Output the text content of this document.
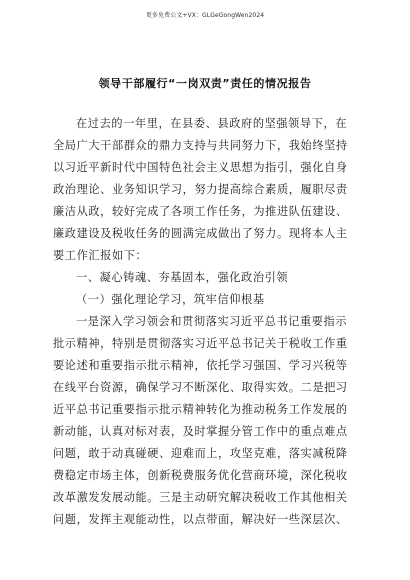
更多免费公文+VX：GLGeGongWen2024
领导干部履行“一岗双责”责任的情况报告
在过去的一年里，在县委、县政府的坚强领导下，在
全局广大干部群众的鼎力支持与共同努力下，我始终坚持
以习近平新时代中国特色社会主义思想为指引，强化自身
政治理论、业务知识学习，努力提高综合素质，履职尽责
廉洁从政，较好完成了各项工作任务，为推进队伍建设、
廉政建设及税收任务的圆满完成做出了努力。现将本人主
要工作汇报如下：
一、凝心铸魂、夯基固本，强化政治引领
（一）强化理论学习，筑牢信仰根基
一是深入学习领会和贯彻落实习近平总书记重要指示
批示精神，特别是贯彻落实习近平总书记关于税收工作重
要论述和重要指示批示精神，依托学习强国、学习兴税等
在线平台资源，确保学习不断深化、取得实效。二是把习
近平总书记重要指示批示精神转化为推动税务工作发展的
新动能，认真对标对表，及时掌握分管工作中的重点难点
问题，敢于动真碰硬、迎难而上，攻坚克难，落实减税降
费稳定市场主体，创新税费服务优化营商环境，深化税收
改革激发发展动能。三是主动研究解决税收工作其他相关
问题，发挥主观能动性，以点带面，解决好一些深层次、
